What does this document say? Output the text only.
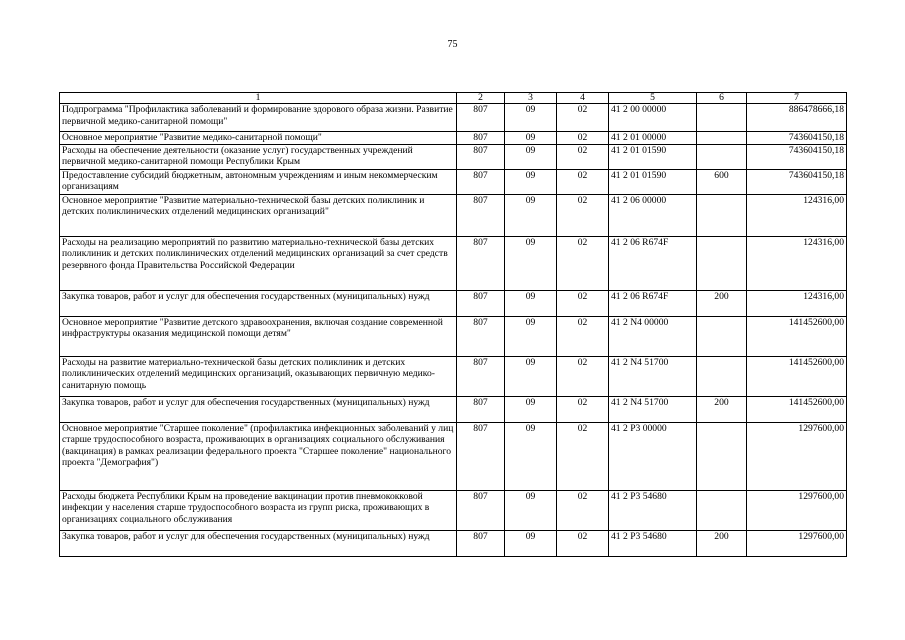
75
1	2	3	4	5	6	7
Подпрограмма "Профилактика заболеваний и формирование здорового образа жизни. Развитие первичной медико-санитарной помощи"	807	09	02	41 2 00 00000		886478666,18
Основное мероприятие "Развитие медико-санитарной помощи"	807	09	02	41 2 01 00000		743604150,18
Расходы на обеспечение деятельности (оказание услуг) государственных учреждений первичной медико-санитарной помощи Республики Крым	807	09	02	41 2 01 01590		743604150,18
Предоставление субсидий бюджетным, автономным учреждениям и иным некоммерческим организациям	807	09	02	41 2 01 01590	600	743604150,18
Основное мероприятие "Развитие материально-технической базы детских поликлиник и детских поликлинических отделений медицинских организаций"	807	09	02	41 2 06 00000		124316,00
Расходы на реализацию мероприятий по развитию материально-технической базы детских поликлиник и детских поликлинических отделений медицинских организаций за счет средств резервного фонда Правительства Российской Федерации	807	09	02	41 2 06 R674F		124316,00
Закупка товаров, работ и услуг для обеспечения государственных (муниципальных) нужд	807	09	02	41 2 06 R674F	200	124316,00
Основное мероприятие "Развитие детского здравоохранения, включая создание современной инфраструктуры оказания медицинской помощи детям"	807	09	02	41 2 N4 00000		141452600,00
Расходы на развитие материально-технической базы детских поликлиник и детских поликлинических отделений медицинских организаций, оказывающих первичную медико-санитарную помощь	807	09	02	41 2 N4 51700		141452600,00
Закупка товаров, работ и услуг для обеспечения государственных (муниципальных) нужд	807	09	02	41 2 N4 51700	200	141452600,00
Основное мероприятие "Старшее поколение" (профилактика инфекционных заболеваний у лиц старше трудоспособного возраста, проживающих в организациях социального обслуживания (вакцинация) в рамках реализации федерального проекта "Старшее поколение" национального проекта "Демография")	807	09	02	41 2 P3 00000		1297600,00
Расходы бюджета Республики Крым на проведение вакцинации против пневмококковой инфекции у населения старше трудоспособного возраста из групп риска, проживающих в организациях социального обслуживания	807	09	02	41 2 P3 54680		1297600,00
Закупка товаров, работ и услуг для обеспечения государственных (муниципальных) нужд	807	09	02	41 2 P3 54680	200	1297600,00
